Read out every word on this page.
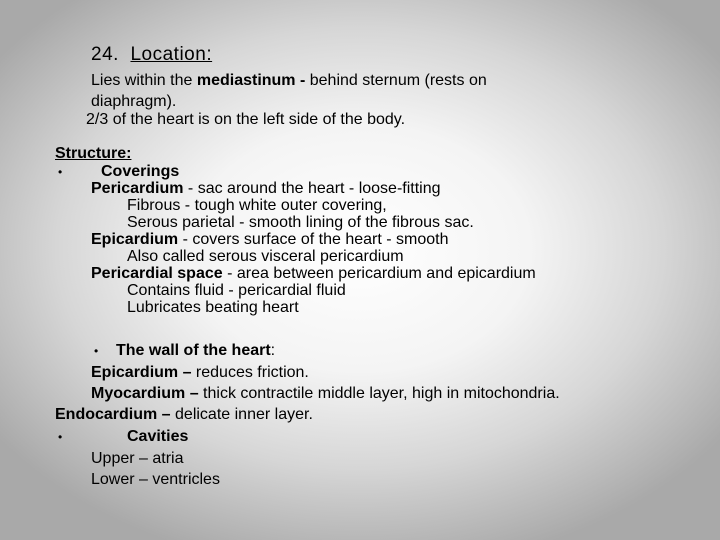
24. Location:
Lies within the mediastinum - behind sternum (rests on
diaphragm).
2/3 of the heart is on the left side of the body.
Structure:
• Coverings
Pericardium - sac around the heart - loose-fitting
Fibrous - tough white outer covering,
Serous parietal - smooth lining of the fibrous sac.
Epicardium - covers surface of the heart - smooth
Also called serous visceral pericardium
Pericardial space - area between pericardium and epicardium
Contains fluid - pericardial fluid
Lubricates beating heart
• The wall of the heart:
Epicardium – reduces friction.
Myocardium – thick contractile middle layer, high in mitochondria.
Endocardium – delicate inner layer.
•	Cavities
Upper – atria
Lower – ventricles
